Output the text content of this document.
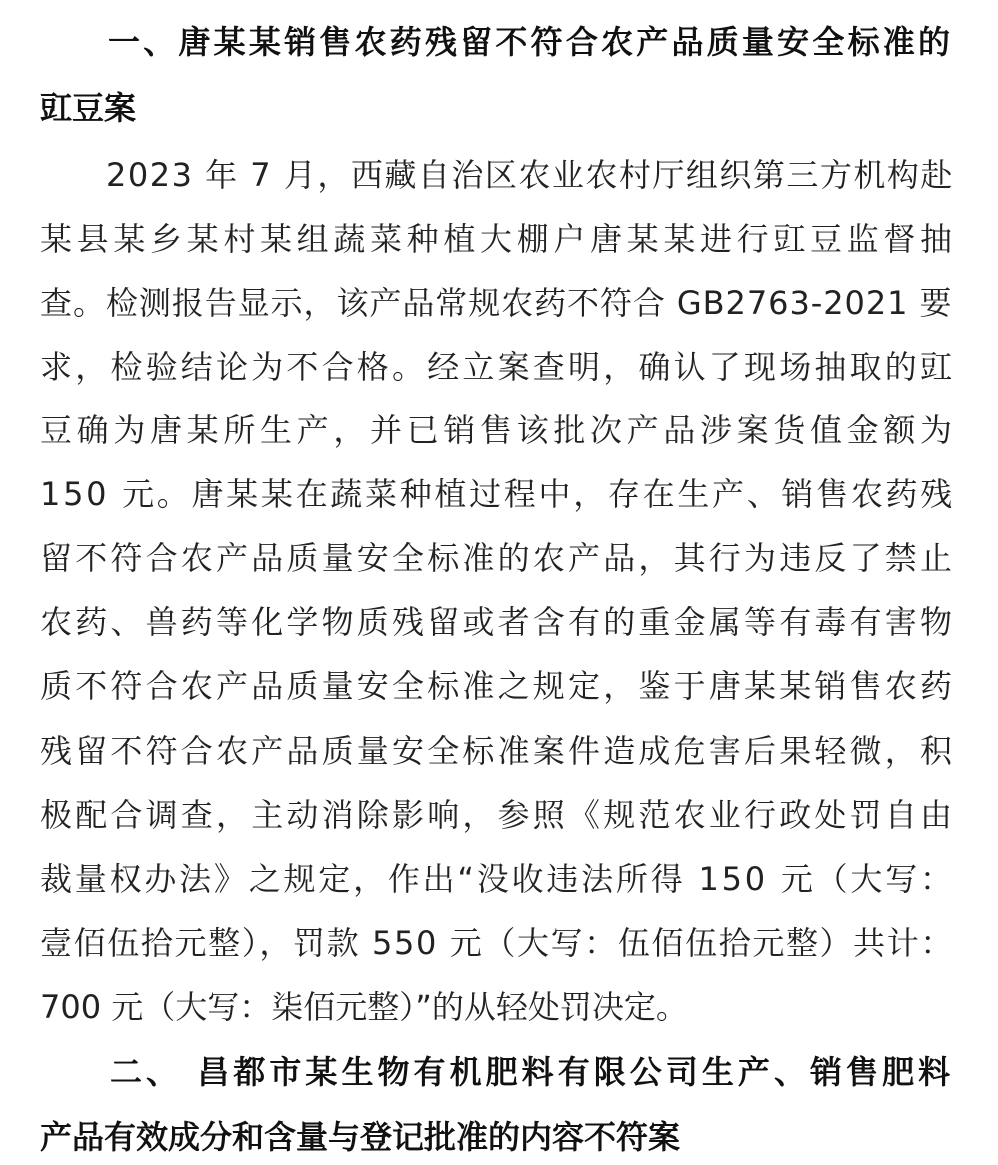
一、唐某某销售农药残留不符合农产品质量安全标准的
豇豆案
2023 年 7 月，西藏自治区农业农村厅组织第三方机构赴
某县某乡某村某组蔬菜种植大棚户唐某某进行豇豆监督抽
查。检测报告显示，该产品常规农药不符合 GB2763-2021 要
求，检验结论为不合格。经立案查明，确认了现场抽取的豇
豆确为唐某所生产，并已销售该批次产品涉案货值金额为
150 元。唐某某在蔬菜种植过程中，存在生产、销售农药残
留不符合农产品质量安全标准的农产品，其行为违反了禁止
农药、兽药等化学物质残留或者含有的重金属等有毒有害物
质不符合农产品质量安全标准之规定，鉴于唐某某销售农药
残留不符合农产品质量安全标准案件造成危害后果轻微，积
极配合调查，主动消除影响，参照《规范农业行政处罚自由
裁量权办法》之规定，作出“没收违法所得 150 元（大写：
壹佰伍拾元整），罚款 550 元（大写：伍佰伍拾元整）共计：
700 元（大写：柒佰元整）”的从轻处罚决定。
二、 昌都市某生物有机肥料有限公司生产、销售肥料
产品有效成分和含量与登记批准的内容不符案
